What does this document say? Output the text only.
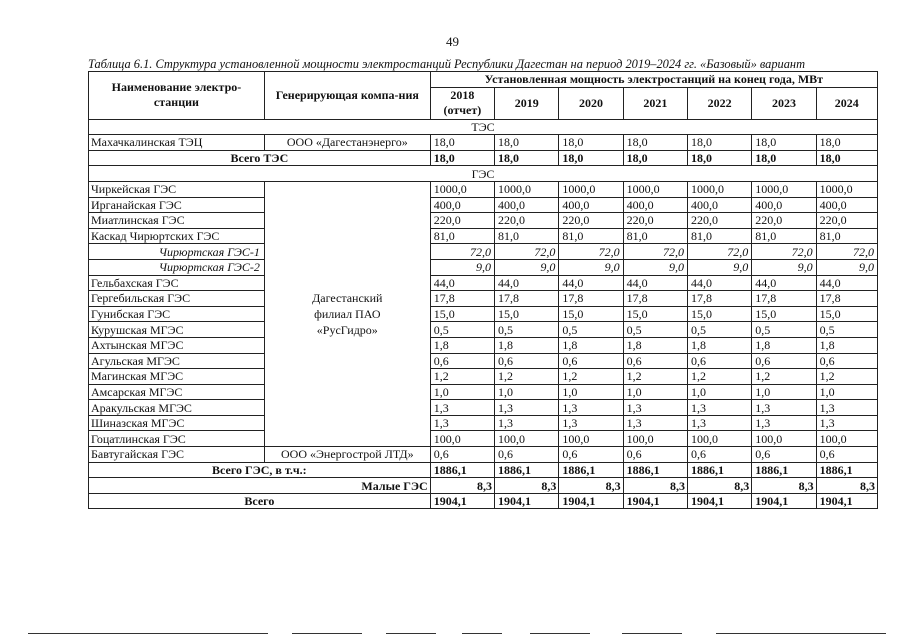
49
Таблица 6.1. Структура установленной мощности электростанций Республики Дагестан на период 2019–2024 гг. «Базовый» вариант
Наименование электро-станции	Генерирующая компа-ния	Установленная мощность электростанций на конец года, МВт						
		2018 (отчет)	2019	2020	2021	2022	2023	2024
ТЭС								
Махачкалинская ТЭЦ	ООО «Дагестанэнерго»	18,0	18,0	18,0	18,0	18,0	18,0	18,0
Всего ТЭС		18,0	18,0	18,0	18,0	18,0	18,0	18,0
ГЭС								
Чиркейская ГЭС	Дагестанский филиал ПАО «РусГидро»	1000,0	1000,0	1000,0	1000,0	1000,0	1000,0	1000,0
Ирганайская ГЭС		400,0	400,0	400,0	400,0	400,0	400,0	400,0
Миатлинская ГЭС		220,0	220,0	220,0	220,0	220,0	220,0	220,0
Каскад Чирюртских ГЭС		81,0	81,0	81,0	81,0	81,0	81,0	81,0
Чирюртская ГЭС-1		72,0	72,0	72,0	72,0	72,0	72,0	72,0
Чирюртская ГЭС-2		9,0	9,0	9,0	9,0	9,0	9,0	9,0
Гельбахская ГЭС		44,0	44,0	44,0	44,0	44,0	44,0	44,0
Гергебильская ГЭС		17,8	17,8	17,8	17,8	17,8	17,8	17,8
Гунибская ГЭС		15,0	15,0	15,0	15,0	15,0	15,0	15,0
Курушская МГЭС		0,5	0,5	0,5	0,5	0,5	0,5	0,5
Ахтынская МГЭС		1,8	1,8	1,8	1,8	1,8	1,8	1,8
Агульская МГЭС		0,6	0,6	0,6	0,6	0,6	0,6	0,6
Магинская МГЭС		1,2	1,2	1,2	1,2	1,2	1,2	1,2
Амсарская МГЭС		1,0	1,0	1,0	1,0	1,0	1,0	1,0
Аракульская МГЭС		1,3	1,3	1,3	1,3	1,3	1,3	1,3
Шиназская МГЭС		1,3	1,3	1,3	1,3	1,3	1,3	1,3
Гоцатлинская ГЭС		100,0	100,0	100,0	100,0	100,0	100,0	100,0
Бавтугайская ГЭС	ООО «Энергострой ЛТД»	0,6	0,6	0,6	0,6	0,6	0,6	0,6
Всего ГЭС, в т.ч.:		1886,1	1886,1	1886,1	1886,1	1886,1	1886,1	1886,1
Малые ГЭС		8,3	8,3	8,3	8,3	8,3	8,3	8,3
Всего		1904,1	1904,1	1904,1	1904,1	1904,1	1904,1	1904,1
